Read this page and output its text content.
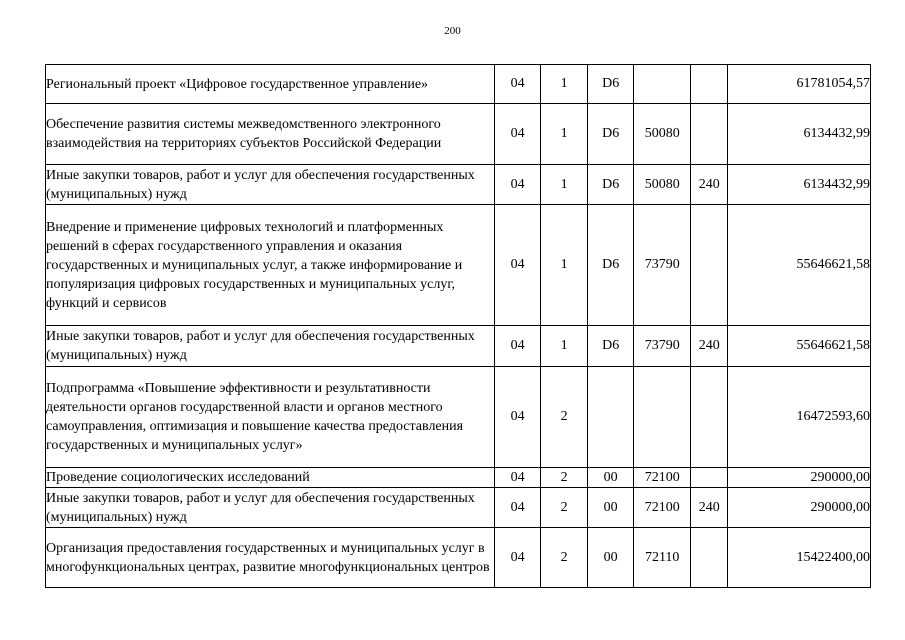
200
Региональный проект «Цифровое государственное управление»	04	1	D6			61781054,57
Обеспечение развития системы межведомственного электронного взаимодействия на территориях субъектов Российской Федерации	04	1	D6	50080		6134432,99
Иные закупки товаров, работ и услуг для обеспечения государственных (муниципальных) нужд	04	1	D6	50080	240	6134432,99
Внедрение и применение цифровых технологий и платформенных решений в сферах государственного управления и оказания государственных и муниципальных услуг, а также информирование и популяризация цифровых государственных и муниципальных услуг, функций и сервисов	04	1	D6	73790		55646621,58
Иные закупки товаров, работ и услуг для обеспечения государственных (муниципальных) нужд	04	1	D6	73790	240	55646621,58
Подпрограмма «Повышение эффективности и результативности деятельности органов государственной власти и органов местного самоуправления, оптимизация и повышение качества предоставления государственных и муниципальных услуг»	04	2				16472593,60
Проведение социологических исследований	04	2	00	72100		290000,00
Иные закупки товаров, работ и услуг для обеспечения государственных (муниципальных) нужд	04	2	00	72100	240	290000,00
Организация предоставления государственных и муниципальных услуг в многофункциональных центрах, развитие многофункциональных центров	04	2	00	72110		15422400,00
